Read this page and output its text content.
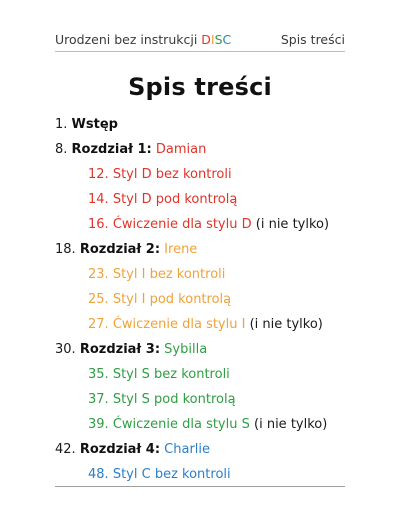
Urodzeni bez instrukcji DISC	Spis treści
Spis treści
1. Wstęp
8. Rozdział 1: Damian
12. Styl D bez kontroli
14. Styl D pod kontrolą
16. Ćwiczenie dla stylu D (i nie tylko)
18. Rozdział 2: Irene
23. Styl I bez kontroli
25. Styl I pod kontrolą
27. Ćwiczenie dla stylu I (i nie tylko)
30. Rozdział 3: Sybilla
35. Styl S bez kontroli
37. Styl S pod kontrolą
39. Ćwiczenie dla stylu S (i nie tylko)
42. Rozdział 4: Charlie
48. Styl C bez kontroli
